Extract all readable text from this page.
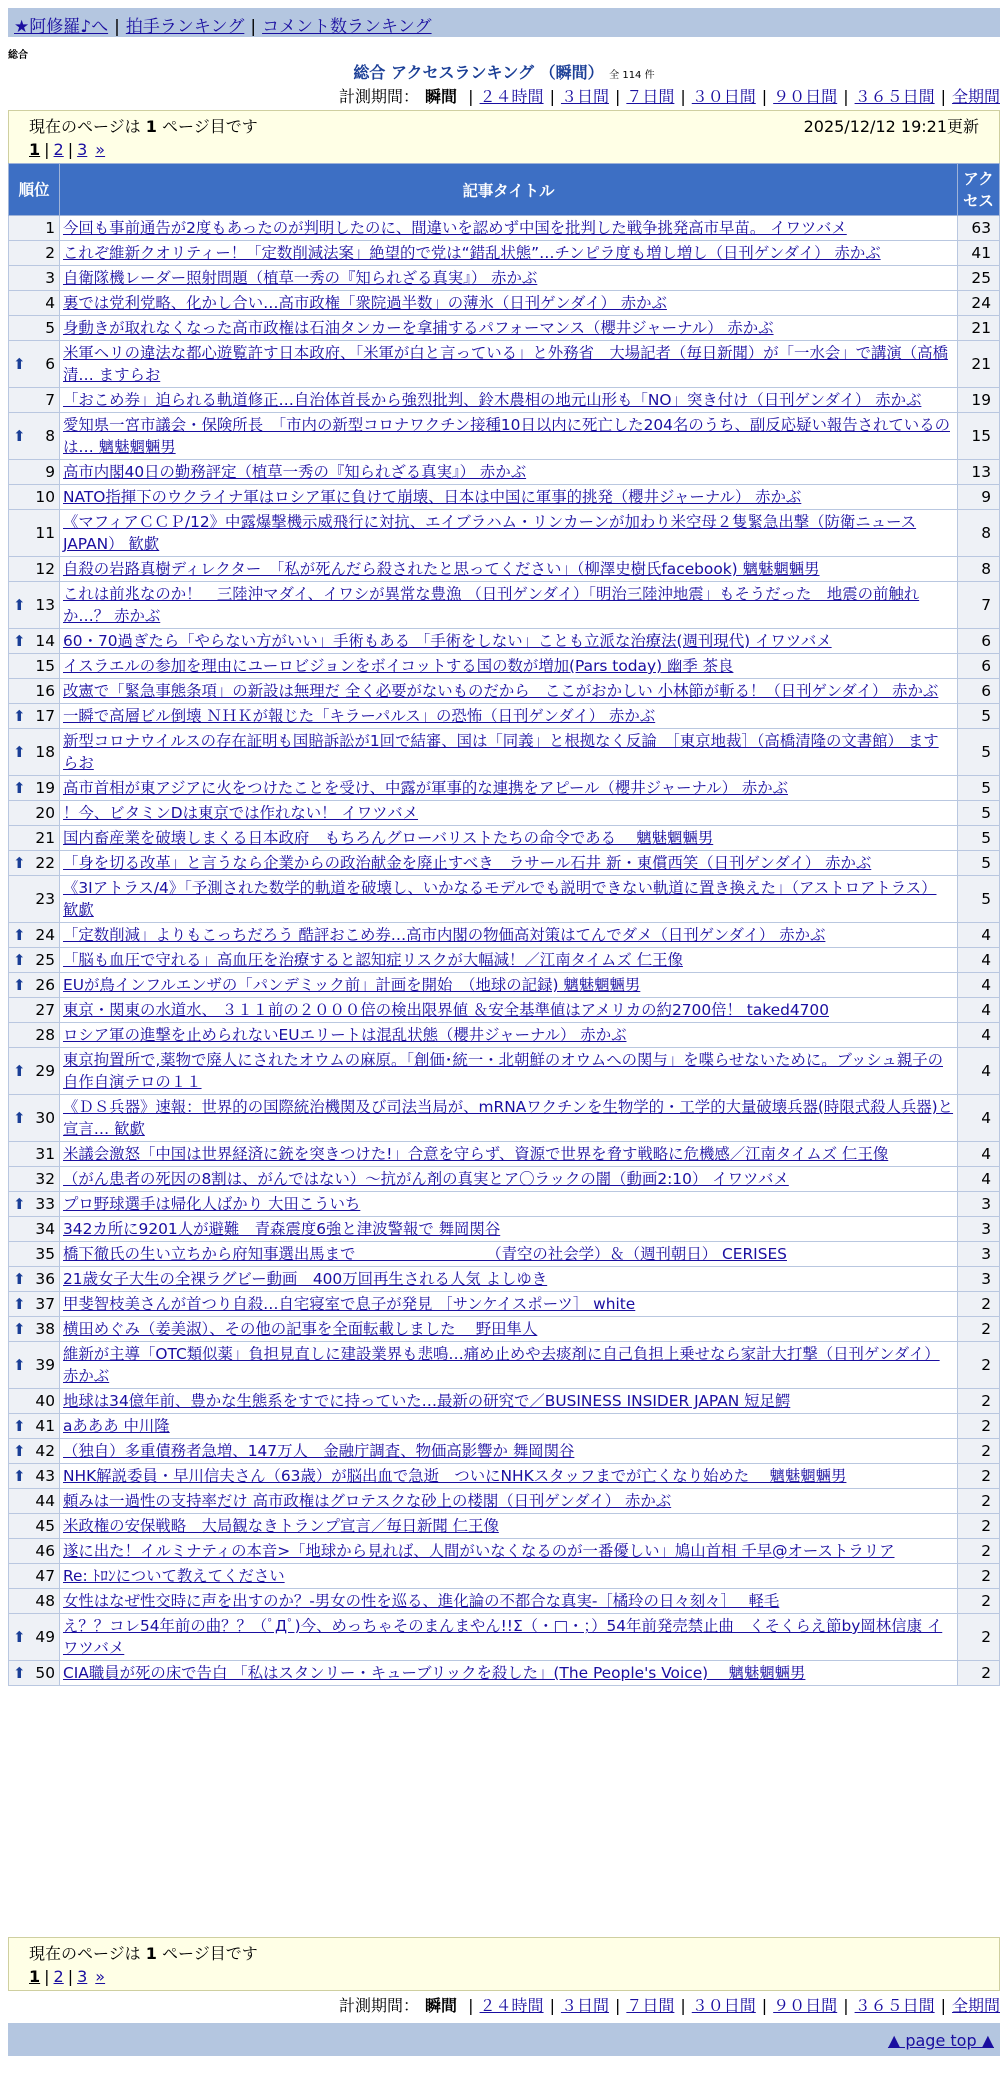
★阿修羅♪へ | 拍手ランキング | コメント数ランキング
総合
総合 アクセスランキング （瞬間） 全 114 件
計測期間： 瞬間 | ２４時間 | ３日間 | ７日間 | ３０日間 | ９０日間 | ３６５日間 | 全期間
現在のページは 1 ページ目です	2025/12/12 19:21更新
1 | 2 | 3 »
順位	記事タイトル	アクセス
1	今回も事前通告が2度もあったのが判明したのに、間違いを認めず中国を批判した戦争挑発高市早苗。 イワツバメ	63
2	これぞ維新クオリティー！「定数削減法案」絶望的で党は“錯乱状態”…チンピラ度も増し増し（日刊ゲンダイ） 赤かぶ	41
3	自衛隊機レーダー照射問題（植草一秀の『知られざる真実』） 赤かぶ	25
4	裏では党利党略、化かし合い…高市政権「衆院過半数」の薄氷（日刊ゲンダイ） 赤かぶ	24
5	身動きが取れなくなった高市政権は石油タンカーを拿捕するパフォーマンス（櫻井ジャーナル） 赤かぶ	21

⬆ 6	米軍ヘリの違法な都心遊覧許す日本政府、「米軍が白と言っている」と外務省　大場記者（毎日新聞）が「一水会」で講演（高橋清… ますらお	21
7	「おこめ券」迫られる軌道修正…自治体首長から強烈批判、鈴木農相の地元山形も「NO」突き付け（日刊ゲンダイ） 赤かぶ	19

⬆ 8	愛知県一宮市議会・保険所長　「市内の新型コロナワクチン接種10日以内に死亡した204名のうち、副反応疑い報告されているのは… 魑魅魍魎男	15
9	高市内閣40日の勤務評定（植草一秀の『知られざる真実』） 赤かぶ	13
10	NATO指揮下のウクライナ軍はロシア軍に負けて崩壊、日本は中国に軍事的挑発（櫻井ジャーナル） 赤かぶ	9
11	《マフィアＣＣＰ/12》中露爆撃機示威飛行に対抗、エイブラハム・リンカーンが加わり米空母２隻緊急出撃（防衛ニュースJAPAN） 歓歔	8
12	自殺の岩路真樹ディレクター　「私が死んだら殺されたと思ってください」（柳澤史樹氏facebook) 魑魅魍魎男	8

⬆ 13	これは前兆なのか！　三陸沖マダイ、イワシが異常な豊漁 （日刊ゲンダイ）「明治三陸沖地震」もそうだった　地震の前触れか…？ 赤かぶ	7

⬆ 14	60・70過ぎたら「やらない方がいい」手術もある 「手術をしない」ことも立派な治療法(週刊現代) イワツバメ	6
15	イスラエルの参加を理由にユーロビジョンをボイコットする国の数が増加(Pars today) 幽季 茶良	6
16	改憲で「緊急事態条項」の新設は無理だ 全く必要がないものだから　ここがおかしい 小林節が斬る！（日刊ゲンダイ） 赤かぶ	6

⬆ 17	一瞬で高層ビル倒壊 ＮＨＫが報じた「キラーパルス」の恐怖（日刊ゲンダイ） 赤かぶ	5

⬆ 18	新型コロナウイルスの存在証明も国賠訴訟が1回で結審、国は「同義」と根拠なく反論　［東京地裁］（高橋清隆の文書館） ますらお	5

⬆ 19	高市首相が東アジアに火をつけたことを受け、中露が軍事的な連携をアピール（櫻井ジャーナル） 赤かぶ	5
20	！今、ビタミンDは東京では作れない！ イワツバメ	5
21	国内畜産業を破壊しまくる日本政府　もちろんグローバリストたちの命令である　 魑魅魍魎男	5

⬆ 22	「身を切る改革」と言うなら企業からの政治献金を廃止すべき　ラサール石井 新・東償西笑（日刊ゲンダイ） 赤かぶ	5
23	《3Iアトラス/4》「予測された数学的軌道を破壊し、いかなるモデルでも説明できない軌道に置き換えた」（アストロアトラス） 歓歔	5

⬆ 24	「定数削減」よりもこっちだろう 酷評おこめ券…高市内閣の物価高対策はてんでダメ（日刊ゲンダイ） 赤かぶ	4

⬆ 25	「脳も血圧で守れる」高血圧を治療すると認知症リスクが大幅減！／江南タイムズ 仁王像	4

⬆ 26	EUが鳥インフルエンザの「パンデミック前」計画を開始　（地球の記録) 魑魅魍魎男	4
27	東京・関東の水道水、 ３１１前の２０００倍の検出限界値 ＆安全基準値はアメリカの約2700倍！ taked4700	4
28	ロシア軍の進撃を止められないEUエリートは混乱状態（櫻井ジャーナル） 赤かぶ	4

⬆ 29	東京拘置所で,薬物で廃人にされたオウムの麻原。「創価･統一・北朝鮮のオウムへの関与」を喋らせないために。ブッシュ親子の自作自演テロの１１	4

⬆ 30	《ＤＳ兵器》速報：世界的の国際統治機関及び司法当局が、mRNAワクチンを生物学的・工学的大量破壊兵器(時限式殺人兵器)と宣言… 歓歔	4
31	米議会激怒「中国は世界経済に銃を突きつけた!」合意を守らず、資源で世界を脅す戦略に危機感／江南タイムズ 仁王像	4
32	（がん患者の死因の8割は、がんではない）〜抗がん剤の真実とア〇ラックの闇（動画2:10） イワツバメ	4

⬆ 33	プロ野球選手は帰化人ばかり 大田こういち	3
34	342カ所に9201人が避難　青森震度6強と津波警報で 舞岡関谷	3
35	橋下徹氏の生い立ちから府知事選出馬まで　　　　　　　　　（青空の社会学）＆（週刊朝日） CERISES	3

⬆ 36	21歳女子大生の全裸ラグビー動画　400万回再生される人気 よしゆき	3

⬆ 37	甲斐智枝美さんが首つり自殺…自宅寝室で息子が発見 ［サンケイスポーツ］ white	2

⬆ 38	横田めぐみ（姜美淑）、その他の記事を全面転載しました　 野田隼人	2

⬆ 39	維新が主導「OTC類似薬」負担見直しに建設業界も悲鳴…痛め止めや去痰剤に自己負担上乗せなら家計大打撃（日刊ゲンダイ） 赤かぶ	2
40	地球は34億年前、豊かな生態系をすでに持っていた…最新の研究で／BUSINESS INSIDER JAPAN 短足鰐	2

⬆ 41	aあああ 中川隆	2

⬆ 42	（独自）多重債務者急増、147万人　金融庁調査、物価高影響か 舞岡関谷	2

⬆ 43	NHK解説委員・早川信夫さん（63歳）が脳出血で急逝　ついにNHKスタッフまでが亡くなり始めた　 魑魅魍魎男	2
44	頼みは一過性の支持率だけ 高市政権はグロテスクな砂上の楼閣（日刊ゲンダイ） 赤かぶ	2
45	米政権の安保戦略　大局観なきトランプ宣言／毎日新聞 仁王像	2
46	遂に出た！イルミナティの本音>「地球から見れば、人間がいなくなるのが一番優しい」鳩山首相 千早@オーストラリア	2
47	Re: ﾄﾛﾝについて教えてください	2
48	女性はなぜ性交時に声を出すのか？-男女の性を巡る、進化論の不都合な真実-［橘玲の日々刻々］　 軽毛	2

⬆ 49	え？？コレ54年前の曲？？（ﾟДﾟ)今、めっちゃそのまんまやん!!Σ（・□・；）54年前発売禁止曲　くそくらえ節by岡林信康 イワツバメ	2

⬆ 50	CIA職員が死の床で告白 「私はスタンリー・キューブリックを殺した」(The People's Voice)　 魑魅魍魎男	2
現在のページは 1 ページ目です
1 | 2 | 3 »
計測期間： 瞬間 | ２４時間 | ３日間 | ７日間 | ３０日間 | ９０日間 | ３６５日間 | 全期間
▲ page top ▲
